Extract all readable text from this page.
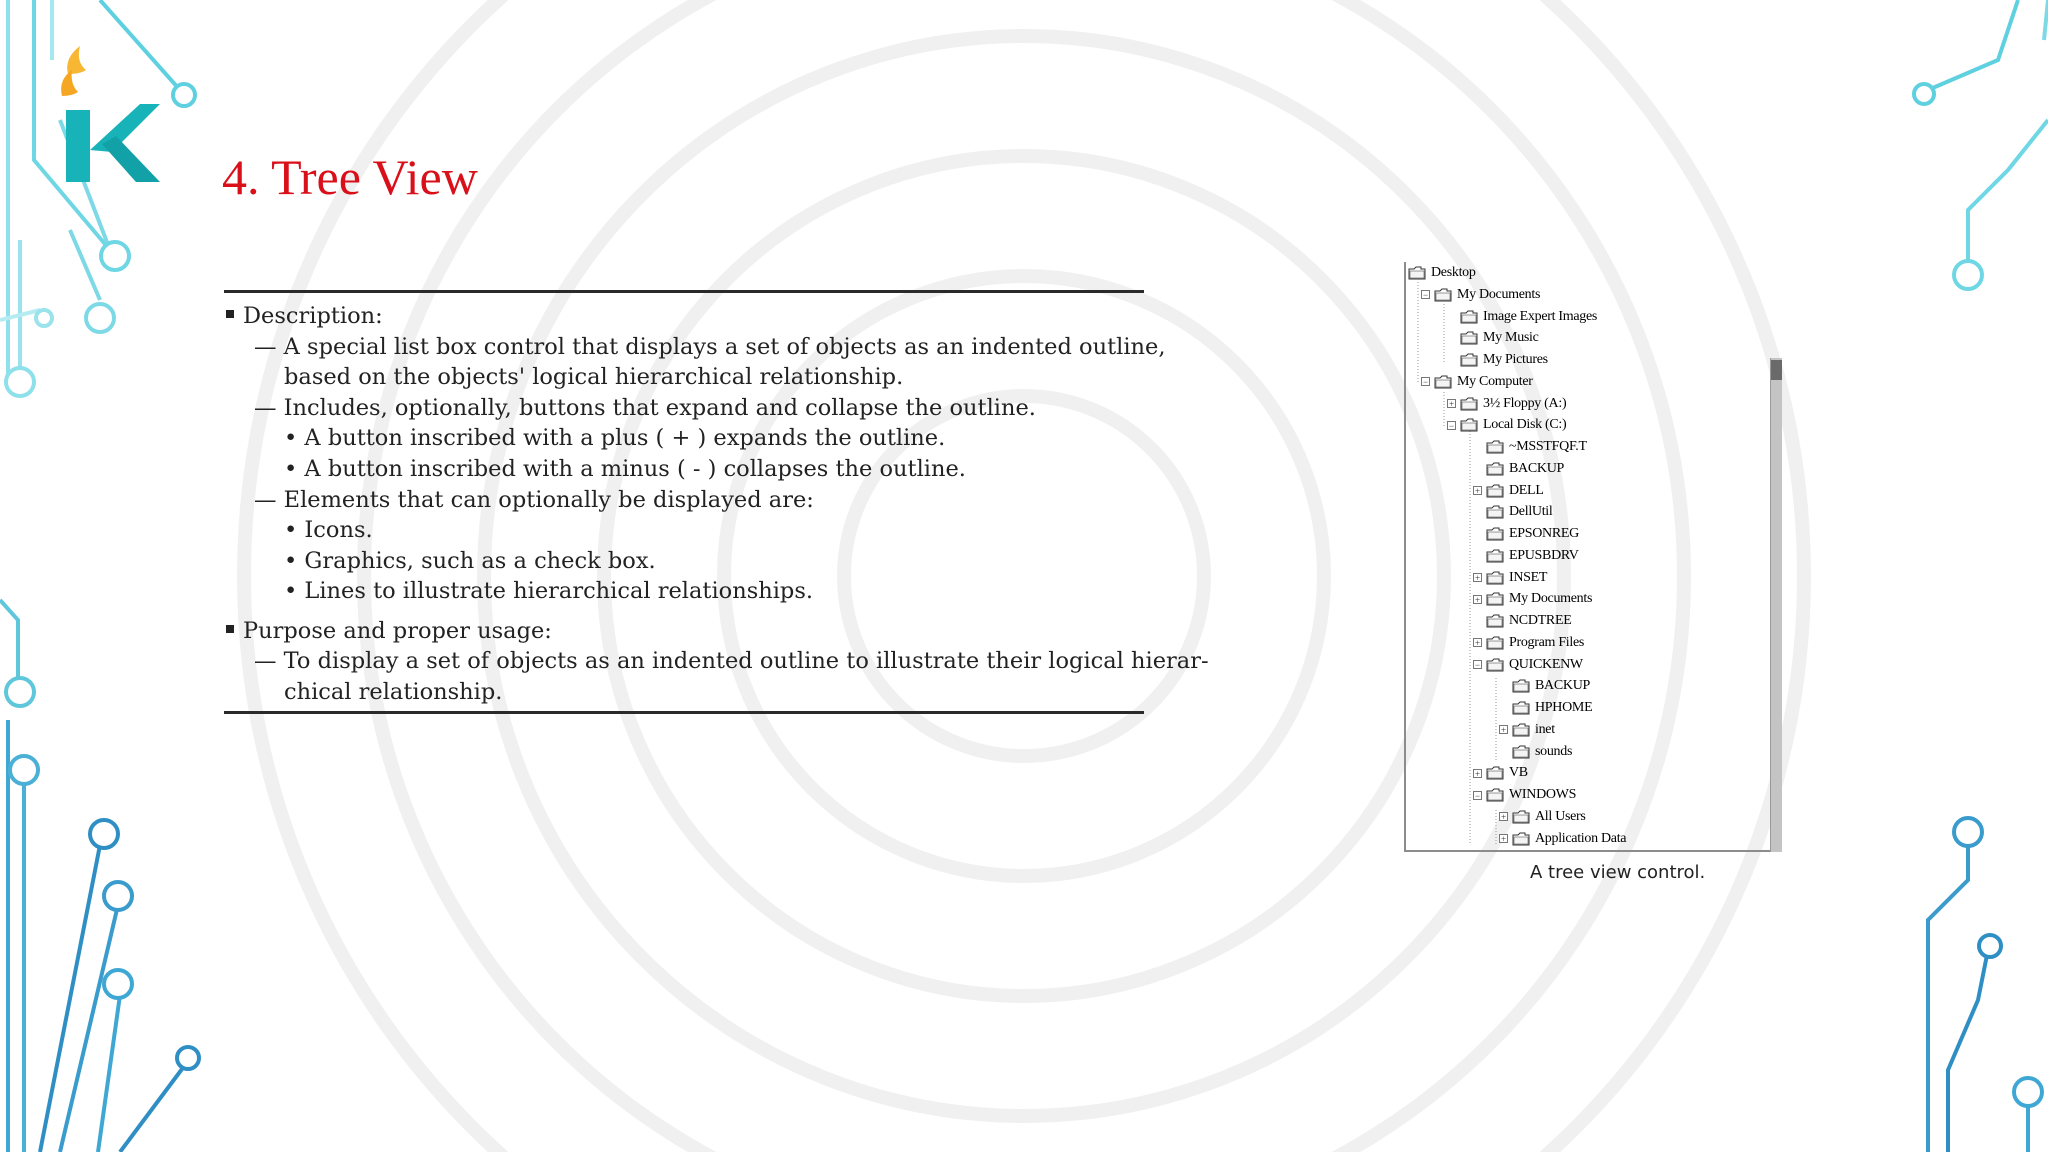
4. Tree View
Description:
— A special list box control that displays a set of objects as an indented outline,
based on the objects' logical hierarchical relationship.
— Includes, optionally, buttons that expand and collapse the outline.
• A button inscribed with a plus ( + ) expands the outline.
• A button inscribed with a minus ( - ) collapses the outline.
— Elements that can optionally be displayed are:
• Icons.
• Graphics, such as a check box.
• Lines to illustrate hierarchical relationships.
Purpose and proper usage:
— To display a set of objects as an indented outline to illustrate their logical hierar-
chical relationship.
Desktop
− My Documents
Image Expert Images
My Music
My Pictures
− My Computer
+ 3½ Floppy (A:)
− Local Disk (C:)
~MSSTFQF.T
BACKUP
+ DELL
DellUtil
EPSONREG
EPUSBDRV
+ INSET
+ My Documents
NCDTREE
+ Program Files
− QUICKENW
BACKUP
HPHOME
+ inet
sounds
+ VB
− WINDOWS
+ All Users
+ Application Data
A tree view control.
